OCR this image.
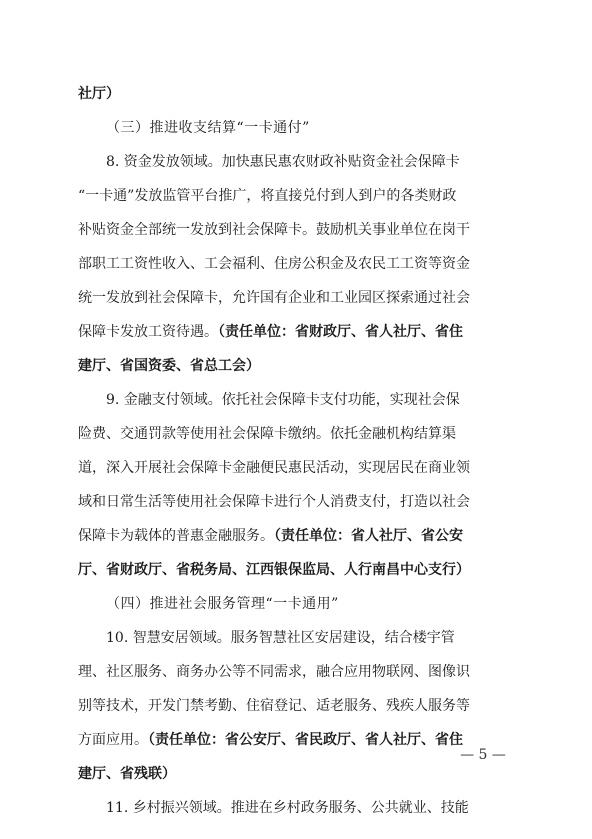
社厅）
（三）推进收支结算“一卡通付”
8. 资金发放领域。加快惠民惠农财政补贴资金社会保障卡
“一卡通”发放监管平台推广，将直接兑付到人到户的各类财政
补贴资金全部统一发放到社会保障卡。鼓励机关事业单位在岗干
部职工工资性收入、工会福利、住房公积金及农民工工资等资金
统一发放到社会保障卡，允许国有企业和工业园区探索通过社会
保障卡发放工资待遇。（责任单位：省财政厅、省人社厅、省住
建厅、省国资委、省总工会）
9. 金融支付领域。依托社会保障卡支付功能，实现社会保
险费、交通罚款等使用社会保障卡缴纳。依托金融机构结算渠
道，深入开展社会保障卡金融便民惠民活动，实现居民在商业领
域和日常生活等使用社会保障卡进行个人消费支付，打造以社会
保障卡为载体的普惠金融服务。（责任单位：省人社厅、省公安
厅、省财政厅、省税务局、江西银保监局、人行南昌中心支行）
（四）推进社会服务管理“一卡通用”
10. 智慧安居领域。服务智慧社区安居建设，结合楼宇管
理、社区服务、商务办公等不同需求，融合应用物联网、图像识
别等技术，开发门禁考勤、住宿登记、适老服务、残疾人服务等
方面应用。（责任单位：省公安厅、省民政厅、省人社厅、省住
建厅、省残联）
11. 乡村振兴领域。推进在乡村政务服务、公共就业、技能
— 5 —
